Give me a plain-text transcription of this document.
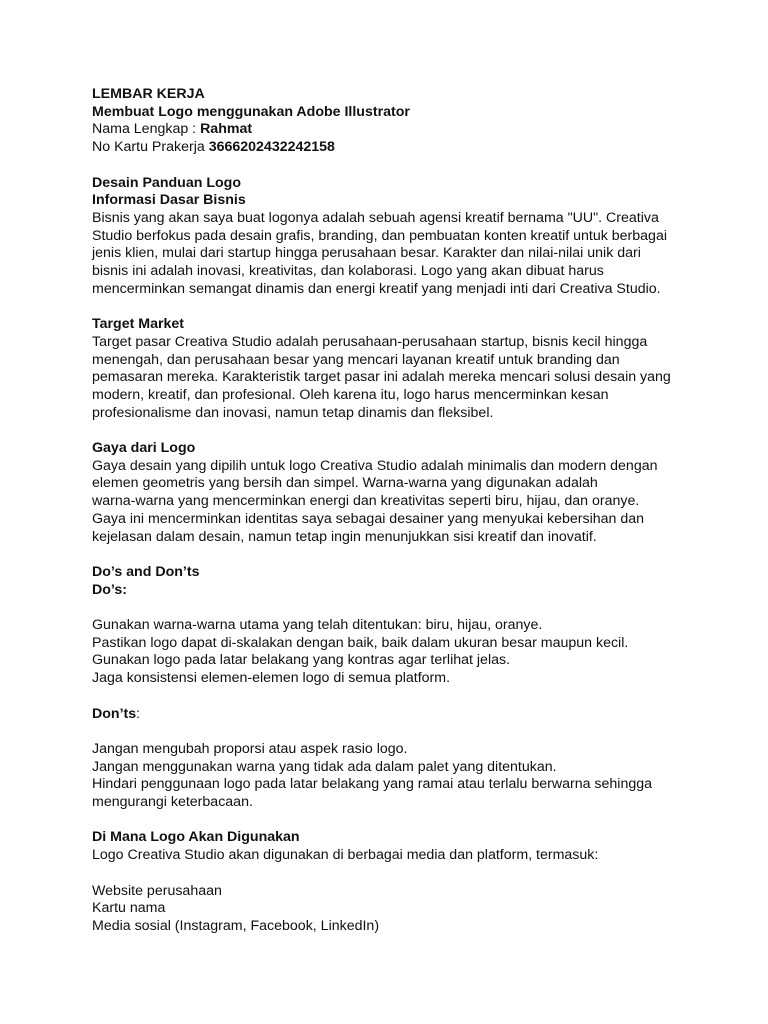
LEMBAR KERJA
Membuat Logo menggunakan Adobe Illustrator
Nama Lengkap : Rahmat
No Kartu Prakerja 3666202432242158
Desain Panduan Logo
Informasi Dasar Bisnis
Bisnis yang akan saya buat logonya adalah sebuah agensi kreatif bernama "UU". Creativa
Studio berfokus pada desain grafis, branding, dan pembuatan konten kreatif untuk berbagai
jenis klien, mulai dari startup hingga perusahaan besar. Karakter dan nilai-nilai unik dari
bisnis ini adalah inovasi, kreativitas, dan kolaborasi. Logo yang akan dibuat harus
mencerminkan semangat dinamis dan energi kreatif yang menjadi inti dari Creativa Studio.
Target Market
Target pasar Creativa Studio adalah perusahaan-perusahaan startup, bisnis kecil hingga
menengah, dan perusahaan besar yang mencari layanan kreatif untuk branding dan
pemasaran mereka. Karakteristik target pasar ini adalah mereka mencari solusi desain yang
modern, kreatif, dan profesional. Oleh karena itu, logo harus mencerminkan kesan
profesionalisme dan inovasi, namun tetap dinamis dan fleksibel.
Gaya dari Logo
Gaya desain yang dipilih untuk logo Creativa Studio adalah minimalis dan modern dengan
elemen geometris yang bersih dan simpel. Warna-warna yang digunakan adalah
warna-warna yang mencerminkan energi dan kreativitas seperti biru, hijau, dan oranye.
Gaya ini mencerminkan identitas saya sebagai desainer yang menyukai kebersihan dan
kejelasan dalam desain, namun tetap ingin menunjukkan sisi kreatif dan inovatif.
Do’s and Don’ts
Do’s:
Gunakan warna-warna utama yang telah ditentukan: biru, hijau, oranye.
Pastikan logo dapat di-skalakan dengan baik, baik dalam ukuran besar maupun kecil.
Gunakan logo pada latar belakang yang kontras agar terlihat jelas.
Jaga konsistensi elemen-elemen logo di semua platform.
Don’ts:
Jangan mengubah proporsi atau aspek rasio logo.
Jangan menggunakan warna yang tidak ada dalam palet yang ditentukan.
Hindari penggunaan logo pada latar belakang yang ramai atau terlalu berwarna sehingga
mengurangi keterbacaan.
Di Mana Logo Akan Digunakan
Logo Creativa Studio akan digunakan di berbagai media dan platform, termasuk:
Website perusahaan
Kartu nama
Media sosial (Instagram, Facebook, LinkedIn)
